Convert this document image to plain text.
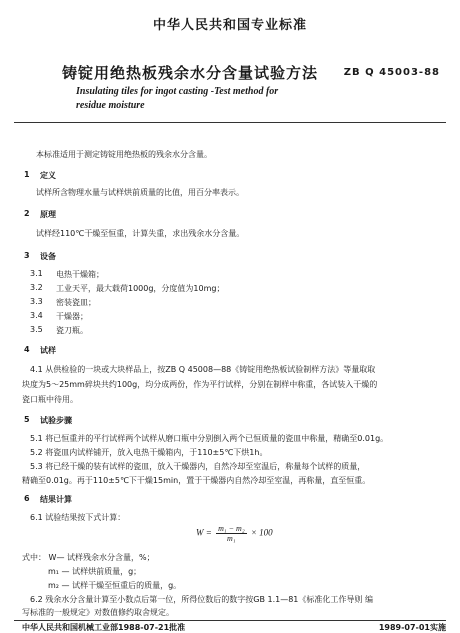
中华人民共和国专业标准
铸锭用绝热板残余水分含量试验方法	ZB Q 45003-88
Insulating tiles for ingot casting -Test method for
residue moisture
本标准适用于测定铸锭用绝热板的残余水分含量。
1 定义
试样所含物理水量与试样烘前质量的比值，用百分率表示。
2 原理
试样经110℃干燥至恒重，计算失重，求出残余水分含量。
3 设备
3.1 电热干燥箱；
3.2 工业天平，最大载荷1000g，分度值为10mg；
3.3 密装瓷皿；
3.4 干燥器；
3.5 瓷刀瓶。
4 试样
4.1 从供检验的一块或大块样品上，按ZB Q 45008—88《铸锭用绝热板试验制样方法》等量取取
块度为5～25mm碎块共约100g，均分成两份，作为平行试样，分别在制样中称重，各试装入干燥的
瓷口瓶中待用。
5 试验步骤
5.1 将已恒重并的平行试样两个试样从磨口瓶中分别倒入两个已恒质量的瓷皿中称量，精确至0.01g。
5.2 将瓷皿内试样铺开，放入电热干燥箱内，于110±5℃下烘1h。
5.3 将已经干燥的装有试样的瓷皿，放入干燥器内，自然冷却至室温后，称量每个试样的质量，
精确至0.01g。再于110±5℃下干燥15min，置于干燥器内自然冷却至室温，再称量，直至恒重。
6 结果计算
6.1 试验结果按下式计算：
$W = \frac{\text{m₁ − m₂}}{\text{m₁}} \times 100$
式中： W— 试样残余水分含量，%；
m₁ — 试样烘前质量，g；
m₂ — 试样干燥至恒重后的质量，g。
6.2 残余水分含量计算至小数点后第一位，所得位数后的数字按GB 1.1—81《标准化工作导则 编
写标准的一般规定》对数值修约取舍规定。
中华人民共和国机械工业部1988-07-21批准	1989-07-01实施
